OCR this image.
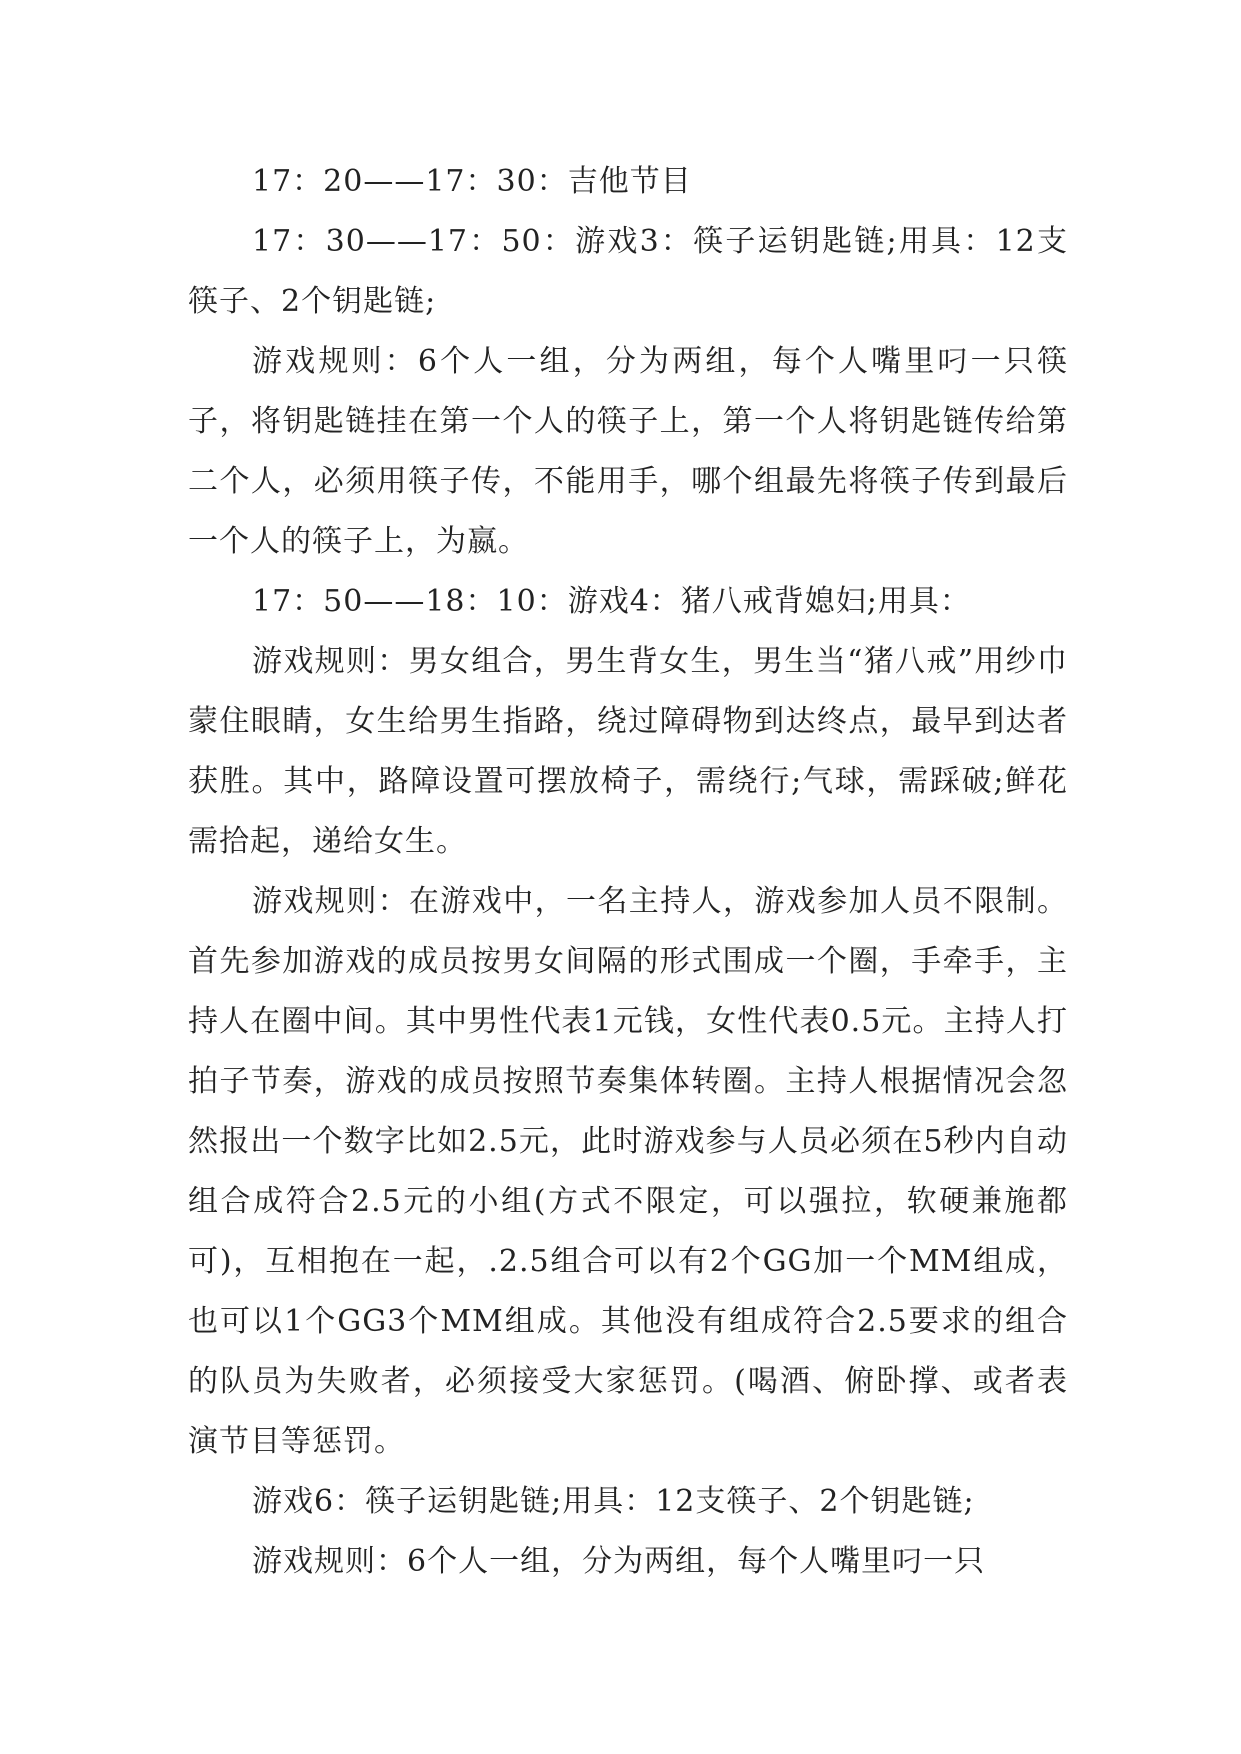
17：20——17：30：吉他节目

17：30——17：50：游戏3：筷子运钥匙链;用具：12支筷子、2个钥匙链;

游戏规则：6个人一组，分为两组，每个人嘴里叼一只筷子，将钥匙链挂在第一个人的筷子上，第一个人将钥匙链传给第二个人，必须用筷子传，不能用手，哪个组最先将筷子传到最后一个人的筷子上，为嬴。

17：50——18：10：游戏4：猪八戒背媳妇;用具：

游戏规则：男女组合，男生背女生，男生当“猪八戒”用纱巾蒙住眼睛，女生给男生指路，绕过障碍物到达终点，最早到达者获胜。其中，路障设置可摆放椅子，需绕行;气球，需踩破;鲜花需拾起，递给女生。

游戏规则：在游戏中，一名主持人，游戏参加人员不限制。首先参加游戏的成员按男女间隔的形式围成一个圈，手牵手，主持人在圈中间。其中男性代表1元钱，女性代表0.5元。主持人打拍子节奏，游戏的成员按照节奏集体转圈。主持人根据情况会忽然报出一个数字比如2.5元，此时游戏参与人员必须在5秒内自动组合成符合2.5元的小组(方式不限定，可以强拉，软硬兼施都可)，互相抱在一起，.2.5组合可以有2个GG加一个MM组成，也可以1个GG3个MM组成。其他没有组成符合2.5要求的组合的队员为失败者，必须接受大家惩罚。(喝酒、俯卧撑、或者表演节目等惩罚。

游戏6：筷子运钥匙链;用具：12支筷子、2个钥匙链;

游戏规则：6个人一组，分为两组，每个人嘴里叼一只
